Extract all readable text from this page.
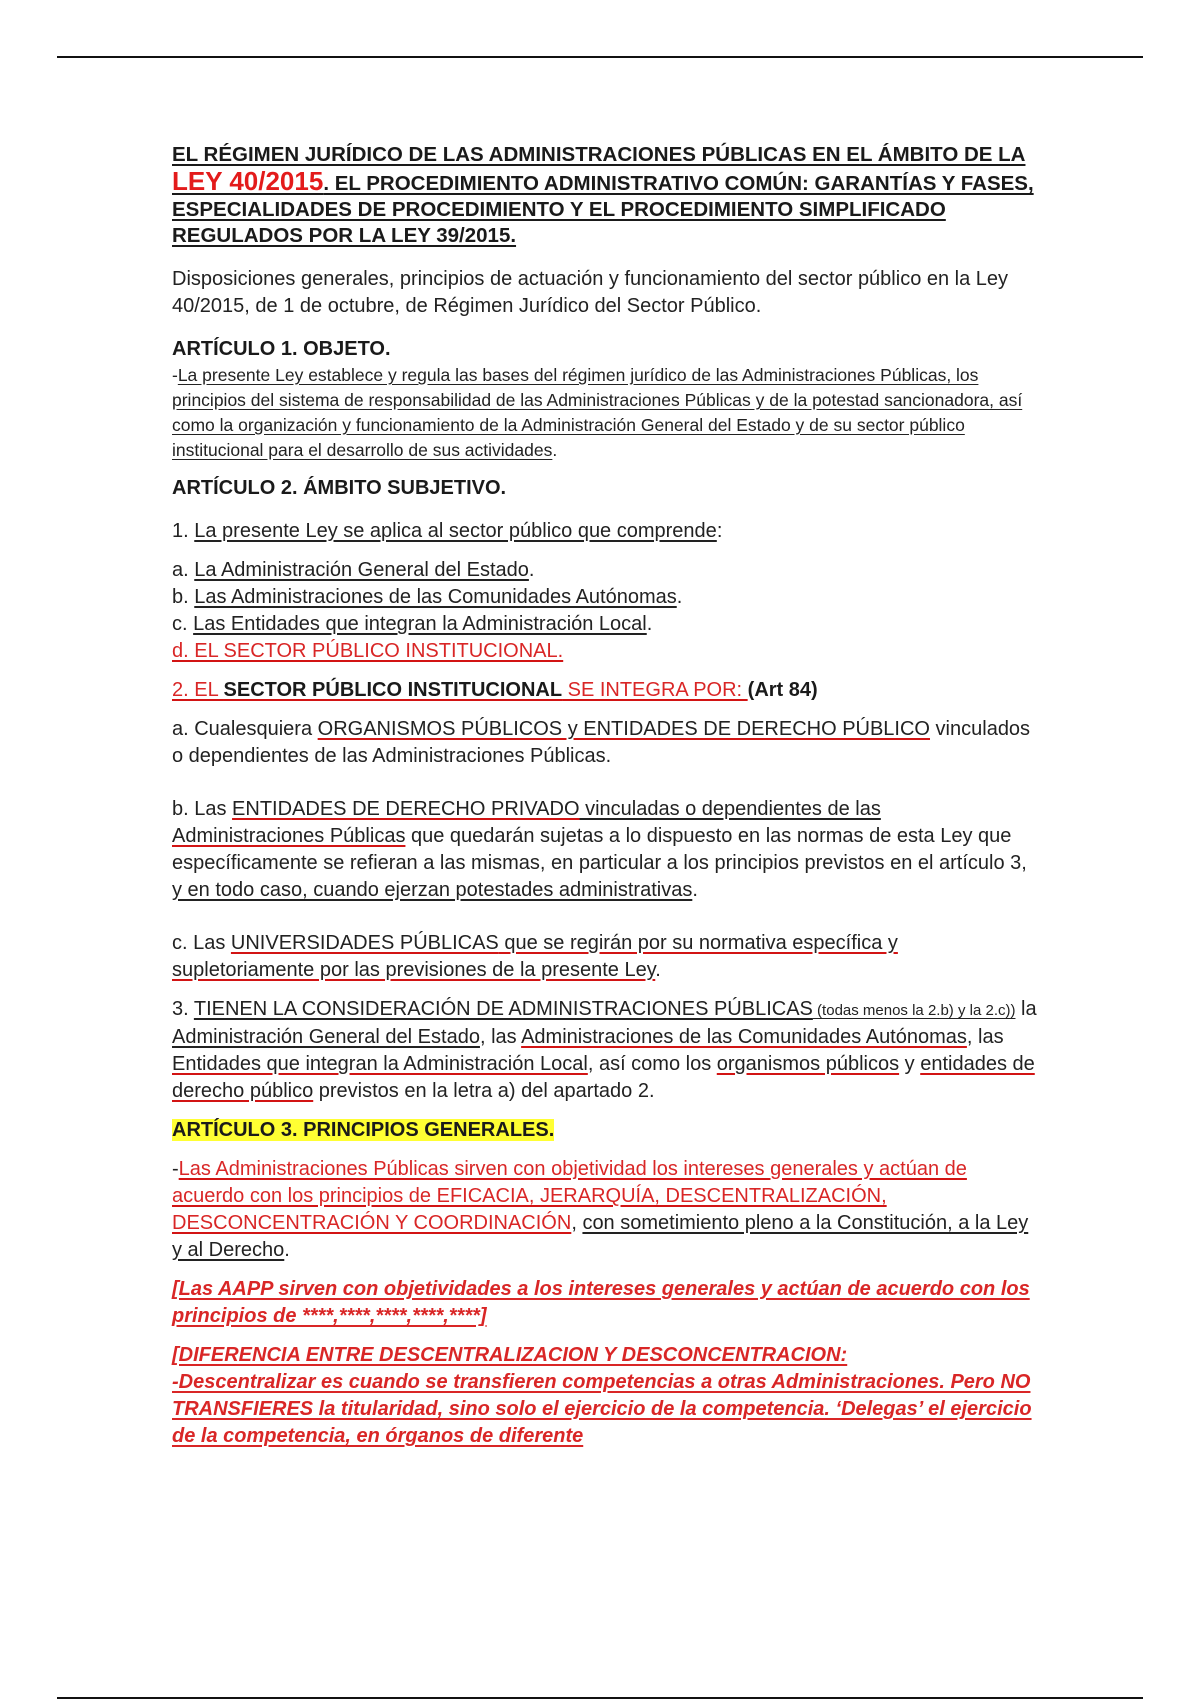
EL RÉGIMEN JURÍDICO DE LAS ADMINISTRACIONES PÚBLICAS EN EL ÁMBITO DE LA LEY 40/2015. EL PROCEDIMIENTO ADMINISTRATIVO COMÚN: GARANTÍAS Y FASES, ESPECIALIDADES DE PROCEDIMIENTO Y EL PROCEDIMIENTO SIMPLIFICADO REGULADOS POR LA LEY 39/2015.

Disposiciones generales, principios de actuación y funcionamiento del sector público en la Ley 40/2015, de 1 de octubre, de Régimen Jurídico del Sector Público.

ARTÍCULO 1. OBJETO.

-La presente Ley establece y regula las bases del régimen jurídico de las Administraciones Públicas, los principios del sistema de responsabilidad de las Administraciones Públicas y de la potestad sancionadora, así como la organización y funcionamiento de la Administración General del Estado y de su sector público institucional para el desarrollo de sus actividades.

ARTÍCULO 2. ÁMBITO SUBJETIVO.

1. La presente Ley se aplica al sector público que comprende:

a. La Administración General del Estado.

b. Las Administraciones de las Comunidades Autónomas.

c. Las Entidades que integran la Administración Local.

d. EL SECTOR PÚBLICO INSTITUCIONAL.

2. EL SECTOR PÚBLICO INSTITUCIONAL SE INTEGRA POR: (Art 84)

a. Cualesquiera ORGANISMOS PÚBLICOS y ENTIDADES DE DERECHO PÚBLICO vinculados o dependientes de las Administraciones Públicas.

b. Las ENTIDADES DE DERECHO PRIVADO vinculadas o dependientes de las Administraciones Públicas que quedarán sujetas a lo dispuesto en las normas de esta Ley que específicamente se refieran a las mismas, en particular a los principios previstos en el artículo 3, y en todo caso, cuando ejerzan potestades administrativas.

c. Las UNIVERSIDADES PÚBLICAS que se regirán por su normativa específica y supletoriamente por las previsiones de la presente Ley.

3. TIENEN LA CONSIDERACIÓN DE ADMINISTRACIONES PÚBLICAS (todas menos la 2.b) y la 2.c)) la Administración General del Estado, las Administraciones de las Comunidades Autónomas, las Entidades que integran la Administración Local, así como los organismos públicos y entidades de derecho público previstos en la letra a) del apartado 2.

ARTÍCULO 3. PRINCIPIOS GENERALES.

-Las Administraciones Públicas sirven con objetividad los intereses generales y actúan de acuerdo con los principios de EFICACIA, JERARQUÍA, DESCENTRALIZACIÓN, DESCONCENTRACIÓN Y COORDINACIÓN, con sometimiento pleno a la Constitución, a la Ley y al Derecho.

[Las AAPP sirven con objetividades a los intereses generales y actúan de acuerdo con los principios de ****,****,****,****,****]

[DIFERENCIA ENTRE DESCENTRALIZACION Y DESCONCENTRACION:
-Descentralizar es cuando se transfieren competencias a otras Administraciones. Pero NO TRANSFIERES la titularidad, sino solo el ejercicio de la competencia. ‘Delegas’ el ejercicio de la competencia, en órganos de diferente
